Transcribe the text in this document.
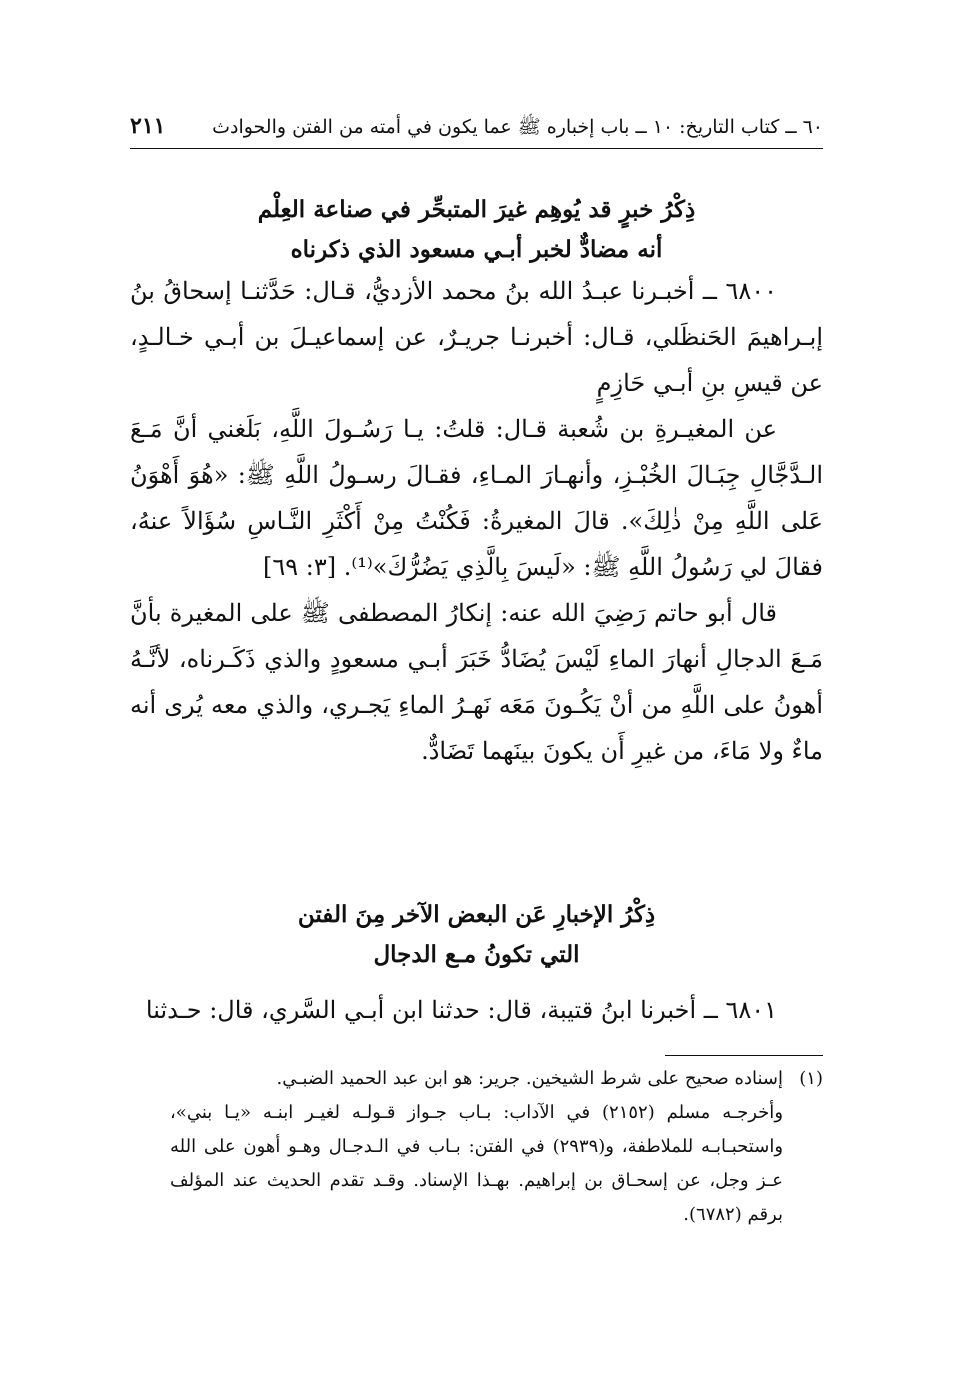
٦٠ ــ كتاب التاريخ: ١٠ ــ باب إخباره ﷺ عما يكون في أمته من الفتن والحوادث
٢١١
ذِكْرُ خبرٍ قد يُوهِم غيرَ المتبحِّر في صناعة العِلْم
أنه مضادٌّ لخبر أبـي مسعود الذي ذكرناه

٦٨٠٠ ــ أخبـرنا عبـدُ الله بنُ محمد الأزديُّ، قـال: حَدَّثنـا إسحاقُ بنُ إبـراهيمَ الحَنظَلي، قـال: أخبرنـا جريـرٌ، عن إسماعيـلَ بن أبـي خـالـدٍ، عن قيسِ بنِ أبـي حَازِمٍ

عن المغيـرةِ بن شُعبة قـال: قلتُ: يـا رَسُـولَ اللَّهِ، بَلَغني أنَّ مَـعَ الـدَّجَّالِ جِبَـالَ الخُبْـزِ، وأنهـارَ المـاءِ، فقـالَ رسـولُ اللَّهِ ﷺ: «هُوَ أَهْوَنُ عَلى اللَّهِ مِنْ ذٰلِكَ». قالَ المغيرةُ: فَكُنْتُ مِنْ أَكْثَرِ النَّـاسِ سُؤَالاً عنهُ، فقالَ لي رَسُولُ اللَّهِ ﷺ: «لَيسَ بِالَّذِي يَضُرُّكَ»⁽¹⁾. [٣: ٦٩]

قال أبو حاتم رَضِيَ الله عنه: إنكارُ المصطفى ﷺ على المغيرة بأنَّ مَـعَ الدجالِ أنهارَ الماءِ لَيْسَ يُضَادُّ خَبَرَ أبـي مسعودٍ والذي ذَكَـرناه، لأنَّـهُ أهونُ على اللَّهِ من أنْ يَكُـونَ مَعَه نَهـرُ الماءِ يَجـري، والذي معه يُرى أنه ماءٌ ولا مَاءَ، من غيرِ أَن يكونَ بينَهما تَضَادٌّ.

ذِكْرُ الإخبارِ عَن البعض الآخر مِنَ الفتن
التي تكونُ مـع الدجال

٦٨٠١ ــ أخبرنا ابنُ قتيبة، قال: حدثنا ابن أبـي السَّري، قال: حـدثنا

(١)
إسناده صحيح على شرط الشيخين. جرير: هو ابن عبد الحميد الضبـي.

وأخرجـه مسلم (٢١٥٢) في الآداب: بـاب جـواز قـولـه لغيـر ابنـه «يـا بني»، واستحبـابـه للملاطفة، و(٢٩٣٩) في الفتن: بـاب في الـدجـال وهـو أهون على الله عـز وجل، عن إسحـاق بن إبراهيم. بهـذا الإسناد. وقـد تقدم الحديث عند المؤلف برقم (٦٧٨٢).
